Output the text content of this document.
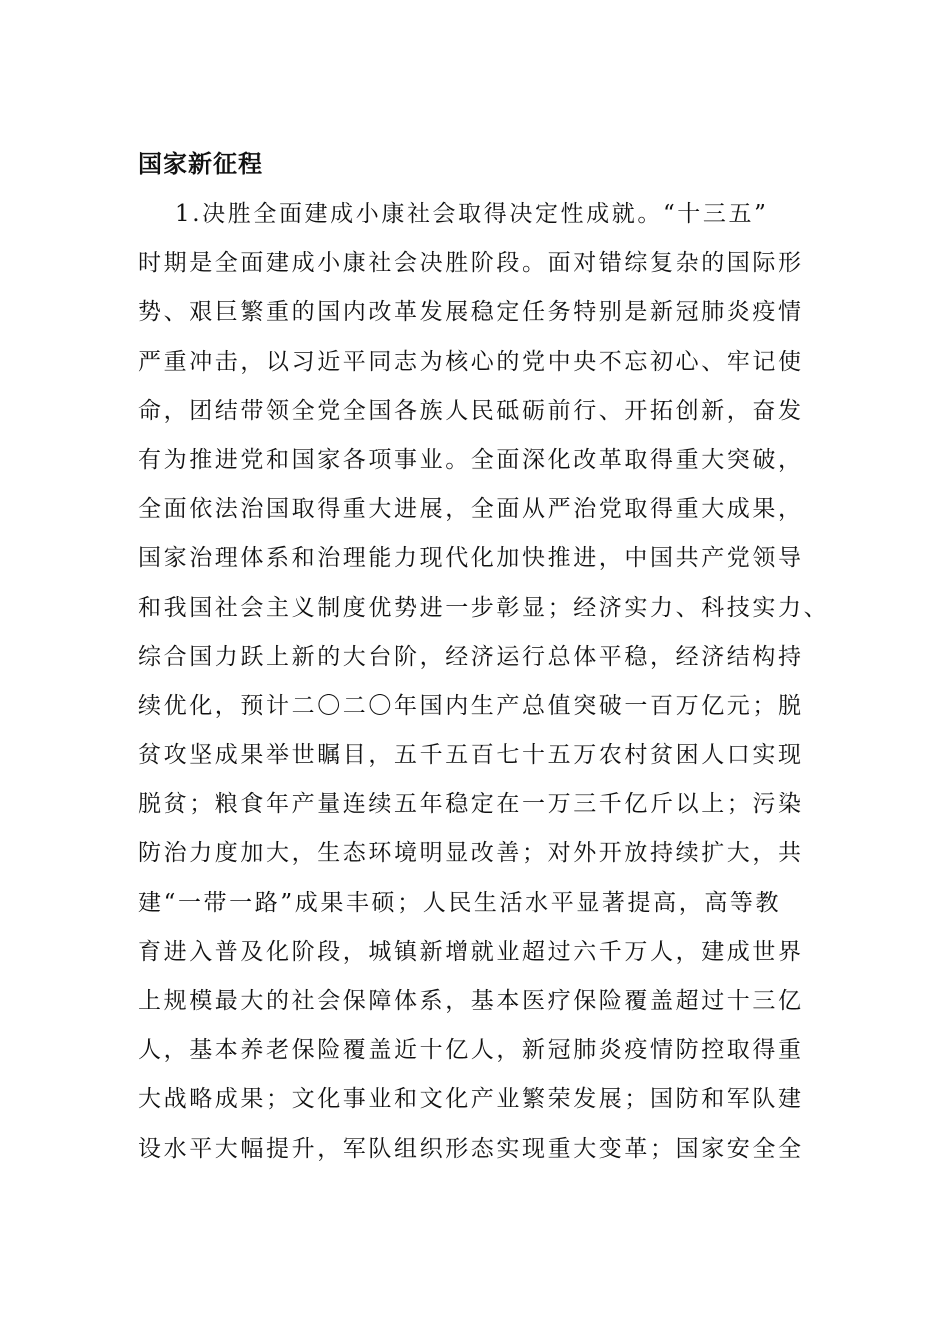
国家新征程
1.决胜全面建成小康社会取得决定性成就。“十三五”
时期是全面建成小康社会决胜阶段。面对错综复杂的国际形
势、艰巨繁重的国内改革发展稳定任务特别是新冠肺炎疫情
严重冲击，以习近平同志为核心的党中央不忘初心、牢记使
命，团结带领全党全国各族人民砥砺前行、开拓创新，奋发
有为推进党和国家各项事业。全面深化改革取得重大突破，
全面依法治国取得重大进展，全面从严治党取得重大成果，
国家治理体系和治理能力现代化加快推进，中国共产党领导
和我国社会主义制度优势进一步彰显；经济实力、科技实力、
综合国力跃上新的大台阶，经济运行总体平稳，经济结构持
续优化，预计二〇二〇年国内生产总值突破一百万亿元；脱
贫攻坚成果举世瞩目，五千五百七十五万农村贫困人口实现
脱贫；粮食年产量连续五年稳定在一万三千亿斤以上；污染
防治力度加大，生态环境明显改善；对外开放持续扩大，共
建“一带一路”成果丰硕；人民生活水平显著提高，高等教
育进入普及化阶段，城镇新增就业超过六千万人，建成世界
上规模最大的社会保障体系，基本医疗保险覆盖超过十三亿
人，基本养老保险覆盖近十亿人，新冠肺炎疫情防控取得重
大战略成果；文化事业和文化产业繁荣发展；国防和军队建
设水平大幅提升，军队组织形态实现重大变革；国家安全全
